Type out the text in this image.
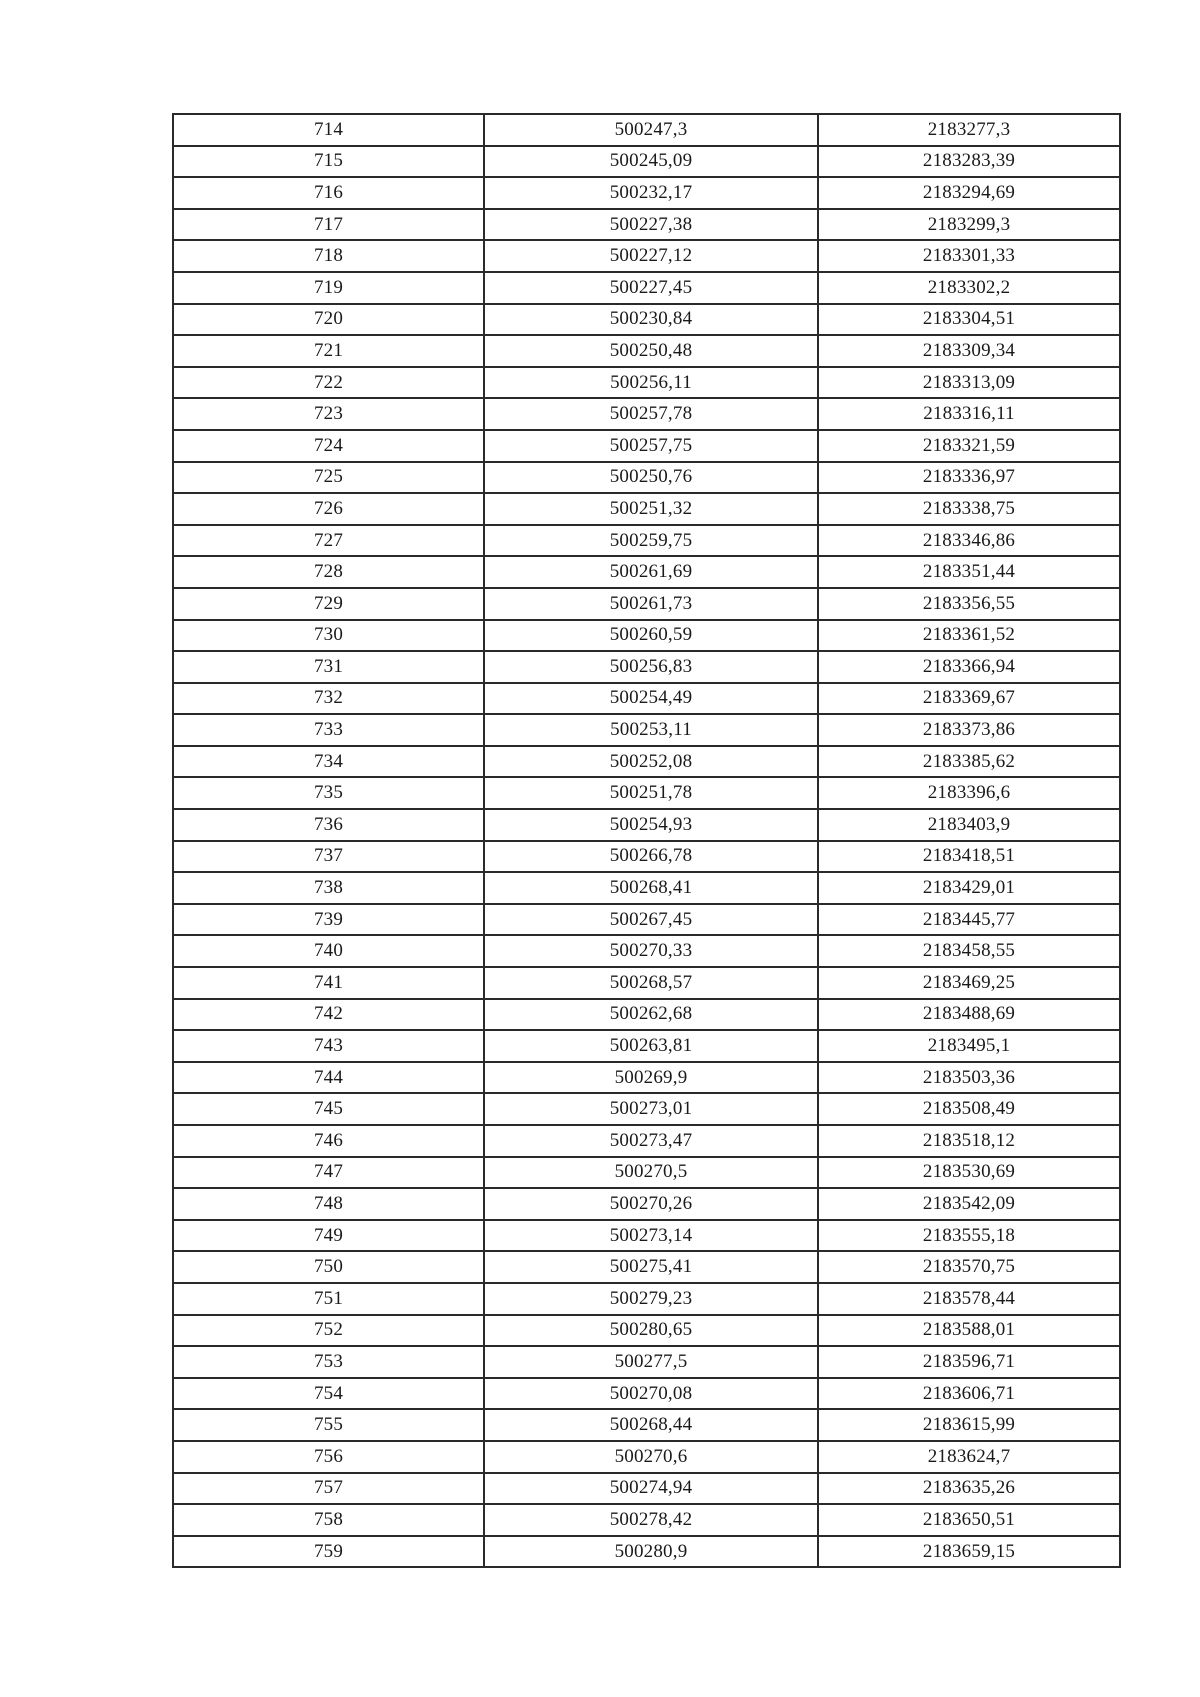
714	500247,3	2183277,3
715	500245,09	2183283,39
716	500232,17	2183294,69
717	500227,38	2183299,3
718	500227,12	2183301,33
719	500227,45	2183302,2
720	500230,84	2183304,51
721	500250,48	2183309,34
722	500256,11	2183313,09
723	500257,78	2183316,11
724	500257,75	2183321,59
725	500250,76	2183336,97
726	500251,32	2183338,75
727	500259,75	2183346,86
728	500261,69	2183351,44
729	500261,73	2183356,55
730	500260,59	2183361,52
731	500256,83	2183366,94
732	500254,49	2183369,67
733	500253,11	2183373,86
734	500252,08	2183385,62
735	500251,78	2183396,6
736	500254,93	2183403,9
737	500266,78	2183418,51
738	500268,41	2183429,01
739	500267,45	2183445,77
740	500270,33	2183458,55
741	500268,57	2183469,25
742	500262,68	2183488,69
743	500263,81	2183495,1
744	500269,9	2183503,36
745	500273,01	2183508,49
746	500273,47	2183518,12
747	500270,5	2183530,69
748	500270,26	2183542,09
749	500273,14	2183555,18
750	500275,41	2183570,75
751	500279,23	2183578,44
752	500280,65	2183588,01
753	500277,5	2183596,71
754	500270,08	2183606,71
755	500268,44	2183615,99
756	500270,6	2183624,7
757	500274,94	2183635,26
758	500278,42	2183650,51
759	500280,9	2183659,15
